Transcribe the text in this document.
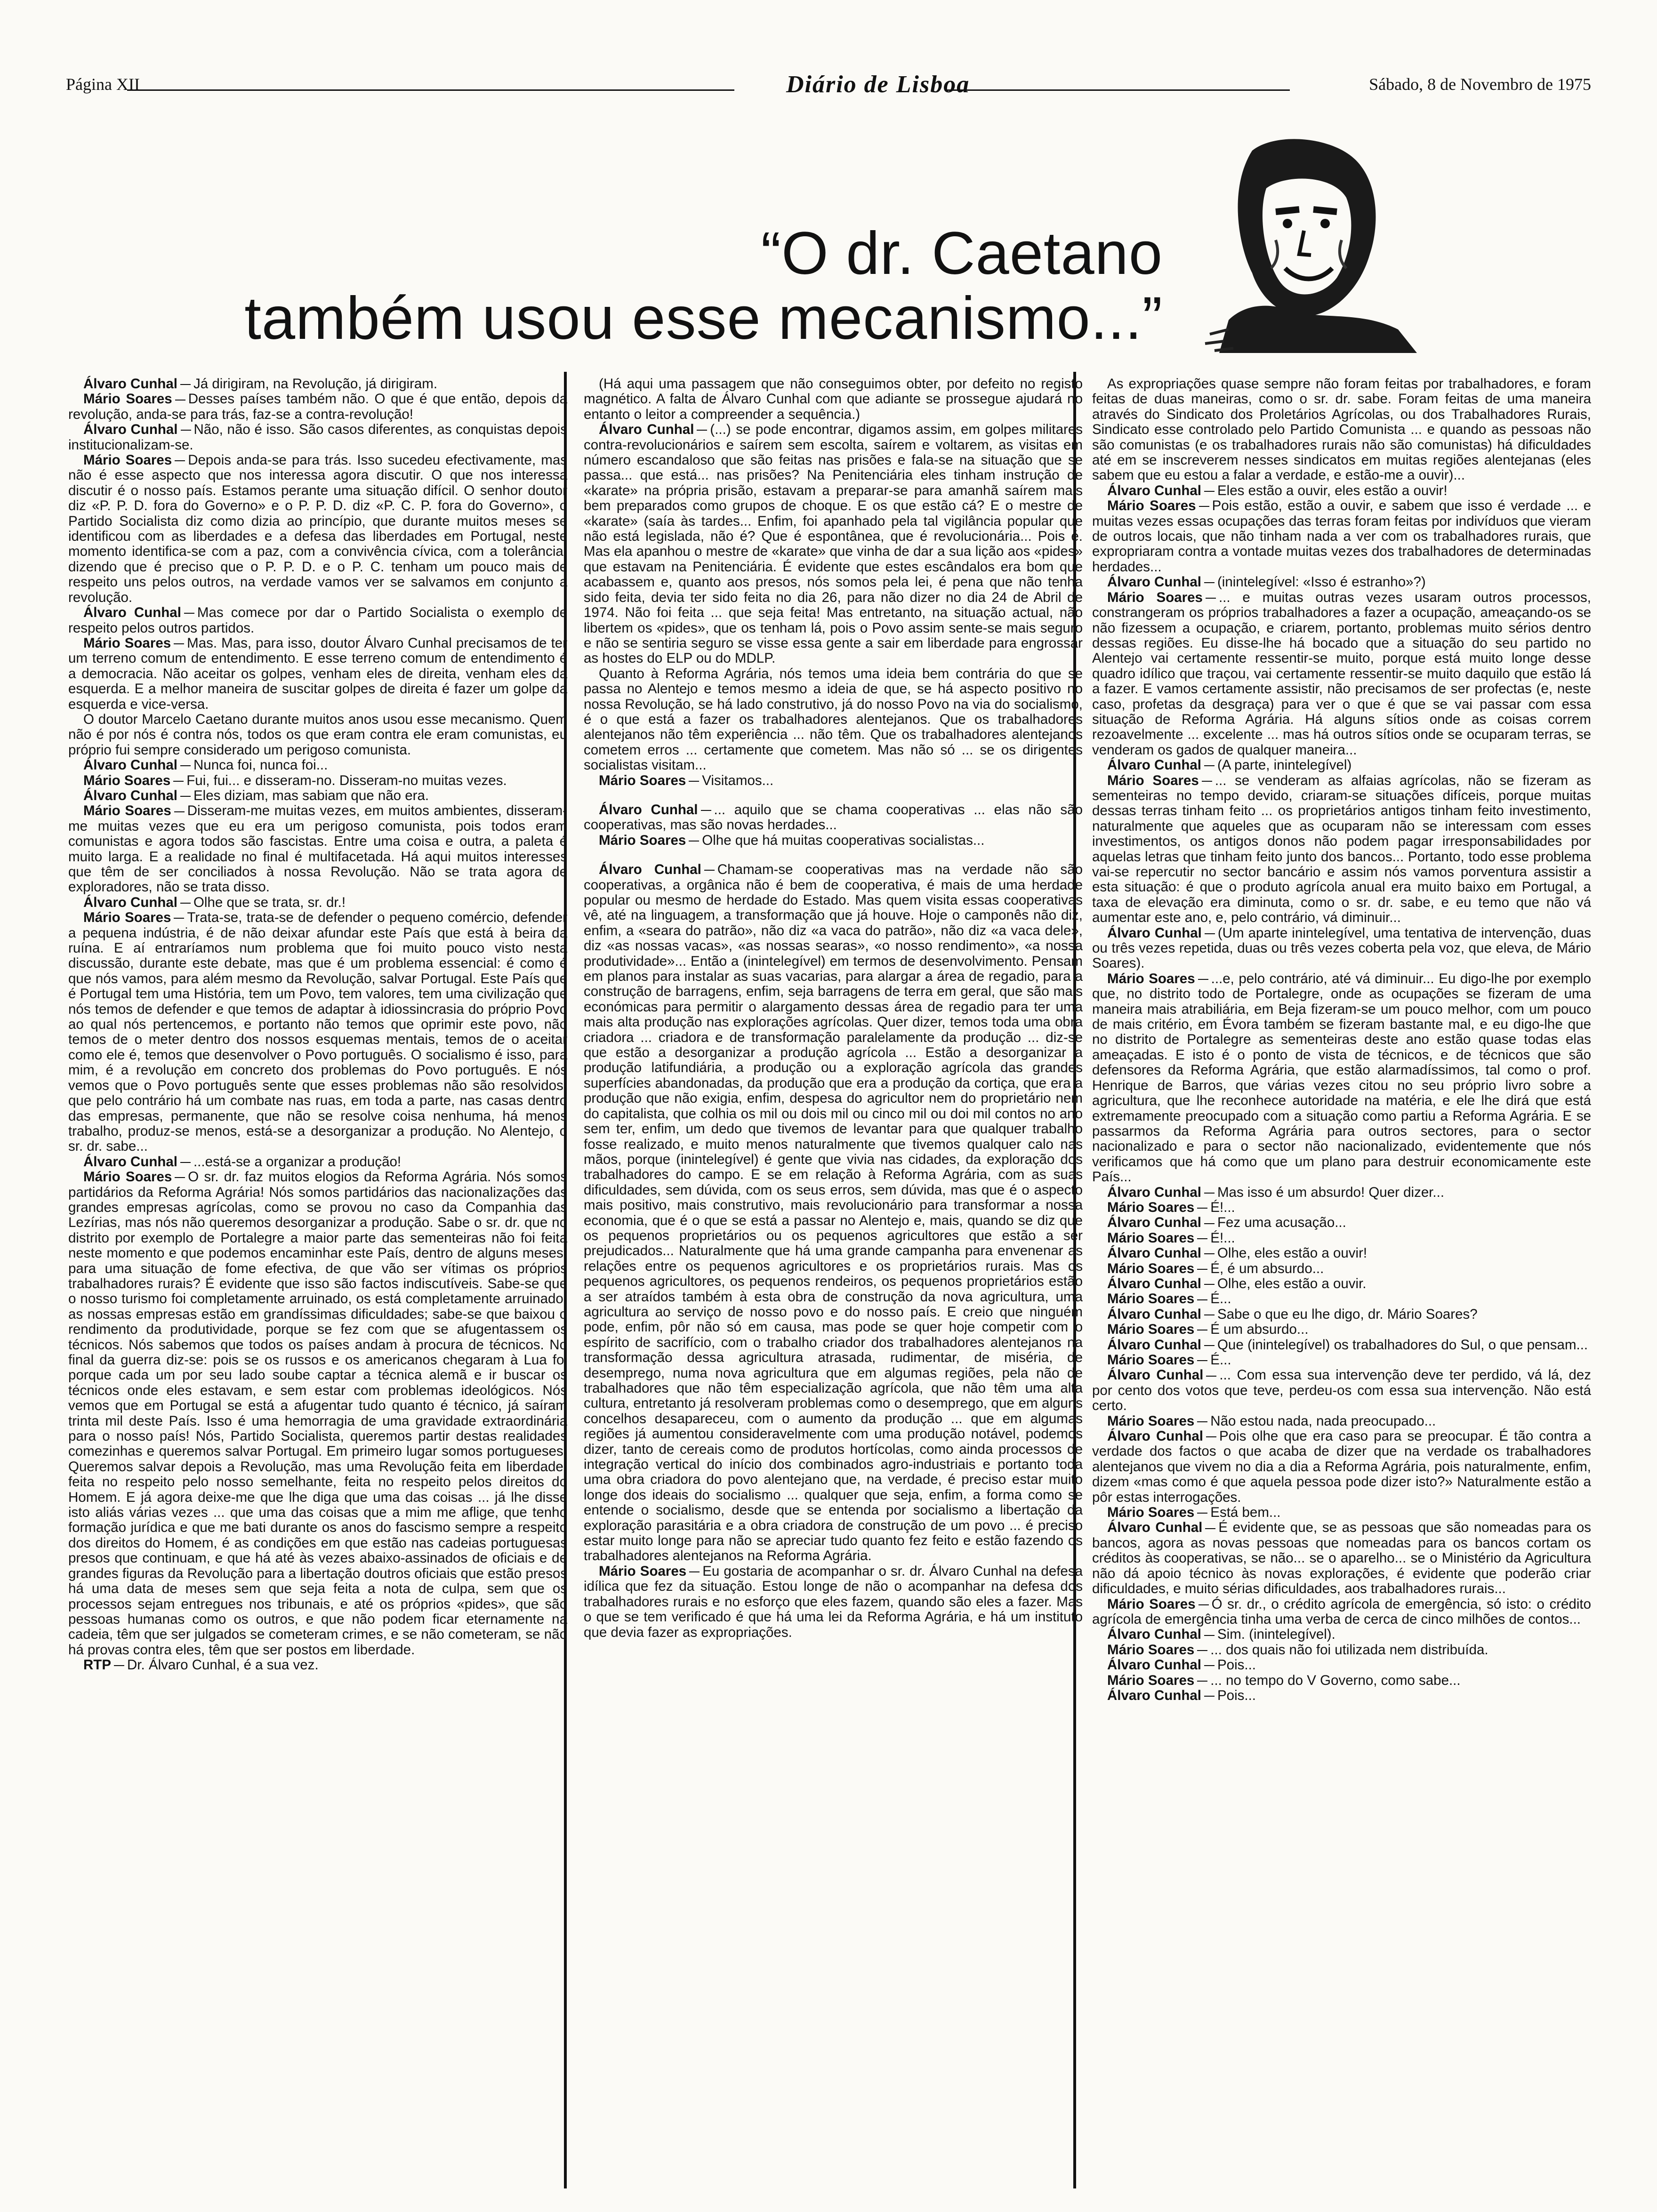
Página XII	Diário de Lisboa	Sábado, 8 de Novembro de 1975
“O dr. Caetano
também usou esse mecanismo...”

Álvaro Cunhal Já dirigiram, na Revolução, já dirigiram.

Mário Soares Desses países também não. O que é que então, depois da revolução, anda-se para trás, faz-se a contra-revolução!

Álvaro Cunhal Não, não é isso. São casos diferentes, as conquistas depois institucionalizam-se.

Mário Soares Depois anda-se para trás. Isso sucedeu efectivamente, mas não é esse aspecto que nos interessa agora discutir. O que nos interessa discutir é o nosso país. Estamos perante uma situação difícil. O senhor doutor diz «P. P. D. fora do Governo» e o P. P. D. diz «P. C. P. fora do Governo», o Partido Socialista diz como dizia ao princípio, que durante muitos meses se identificou com as liberdades e a defesa das liberdades em Portugal, neste momento identifica-se com a paz, com a convivência cívica, com a tolerância, dizendo que é preciso que o P. P. D. e o P. C. tenham um pouco mais de respeito uns pelos outros, na verdade vamos ver se salvamos em conjunto a revolução.

Álvaro Cunhal Mas comece por dar o Partido Socialista o exemplo de respeito pelos outros partidos.

Mário Soares Mas. Mas, para isso, doutor Álvaro Cunhal precisamos de ter um terreno comum de entendimento. E esse terreno comum de entendimento é a democracia. Não aceitar os golpes, venham eles de direita, venham eles da esquerda. E a melhor maneira de suscitar golpes de direita é fazer um golpe da esquerda e vice-versa.

O doutor Marcelo Caetano durante muitos anos usou esse mecanismo. Quem não é por nós é contra nós, todos os que eram contra ele eram comunistas, eu próprio fui sempre considerado um perigoso comunista.

Álvaro Cunhal Nunca foi, nunca foi...

Mário Soares Fui, fui... e disseram-no. Disseram-no muitas vezes.

Álvaro Cunhal Eles diziam, mas sabiam que não era.

Mário Soares Disseram-me muitas vezes, em muitos ambientes, disseram-me muitas vezes que eu era um perigoso comunista, pois todos eram comunistas e agora todos são fascistas. Entre uma coisa e outra, a paleta é muito larga. E a realidade no final é multifacetada. Há aqui muitos interesses que têm de ser conciliados à nossa Revolução. Não se trata agora de exploradores, não se trata disso.

Álvaro Cunhal Olhe que se trata, sr. dr.!

Mário Soares Trata-se, trata-se de defender o pequeno comércio, defender a pequena indústria, é de não deixar afundar este País que está à beira da ruína. E aí entraríamos num problema que foi muito pouco visto nesta discussão, durante este debate, mas que é um problema essencial: é como é que nós vamos, para além mesmo da Revolução, salvar Portugal. Este País que é Portugal tem uma História, tem um Povo, tem valores, tem uma civilização que nós temos de defender e que temos de adaptar à idiossincrasia do próprio Povo ao qual nós pertencemos, e portanto não temos que oprimir este povo, não temos de o meter dentro dos nossos esquemas mentais, temos de o aceitar como ele é, temos que desenvolver o Povo português. O socialismo é isso, para mim, é a revolução em concreto dos problemas do Povo português. E nós vemos que o Povo português sente que esses problemas não são resolvidos, que pelo contrário há um combate nas ruas, em toda a parte, nas casas dentro das empresas, permanente, que não se resolve coisa nenhuma, há menos trabalho, produz-se menos, está-se a desorganizar a produção. No Alentejo, o sr. dr. sabe...

Álvaro Cunhal ...está-se a organizar a produção!

Mário Soares O sr. dr. faz muitos elogios da Reforma Agrária. Nós somos partidários da Reforma Agrária! Nós somos partidários das nacionalizações das grandes empresas agrícolas, como se provou no caso da Companhia das Lezírias, mas nós não queremos desorganizar a produção. Sabe o sr. dr. que no distrito por exemplo de Portalegre a maior parte das sementeiras não foi feita neste momento e que podemos encaminhar este País, dentro de alguns meses, para uma situação de fome efectiva, de que vão ser vítimas os próprios trabalhadores rurais? É evidente que isso são factos indiscutíveis. Sabe-se que o nosso turismo foi completamente arruinado, os está completamente arruinado, as nossas empresas estão em grandíssimas dificuldades; sabe-se que baixou o rendimento da produtividade, porque se fez com que se afugentassem os técnicos. Nós sabemos que todos os países andam à procura de técnicos. No final da guerra diz-se: pois se os russos e os americanos chegaram à Lua foi porque cada um por seu lado soube captar a técnica alemã e ir buscar os técnicos onde eles estavam, e sem estar com problemas ideológicos. Nós vemos que em Portugal se está a afugentar tudo quanto é técnico, já saíram trinta mil deste País. Isso é uma hemorragia de uma gravidade extraordinária para o nosso país! Nós, Partido Socialista, queremos partir destas realidades comezinhas e queremos salvar Portugal. Em primeiro lugar somos portugueses. Queremos salvar depois a Revolução, mas uma Revolução feita em liberdade, feita no respeito pelo nosso semelhante, feita no respeito pelos direitos do Homem. E já agora deixe-me que lhe diga que uma das coisas ... já lhe disse isto aliás várias vezes ... que uma das coisas que a mim me aflige, que tenho formação jurídica e que me bati durante os anos do fascismo sempre a respeito dos direitos do Homem, é as condições em que estão nas cadeias portuguesas presos que continuam, e que há até às vezes abaixo-assinados de oficiais e de grandes figuras da Revolução para a libertação doutros oficiais que estão presos há uma data de meses sem que seja feita a nota de culpa, sem que os processos sejam entregues nos tribunais, e até os próprios «pides», que são pessoas humanas como os outros, e que não podem ficar eternamente na cadeia, têm que ser julgados se cometeram crimes, e se não cometeram, se não há provas contra eles, têm que ser postos em liberdade.

RTP Dr. Álvaro Cunhal, é a sua vez.

(Há aqui uma passagem que não conseguimos obter, por defeito no registo magnético. A falta de Álvaro Cunhal com que adiante se prossegue ajudará no entanto o leitor a compreender a sequência.)

Álvaro Cunhal (...) se pode encontrar, digamos assim, em golpes militares contra-revolucionários e saírem sem escolta, saírem e voltarem, as visitas em número escandaloso que são feitas nas prisões e fala-se na situação que se passa... que está... nas prisões? Na Penitenciária eles tinham instrução de «karate» na própria prisão, estavam a preparar-se para amanhã saírem mais bem preparados como grupos de choque. E os que estão cá? E o mestre de «karate» (saía às tardes... Enfim, foi apanhado pela tal vigilância popular que não está legislada, não é? Que é espontânea, que é revolucionária... Pois é. Mas ela apanhou o mestre de «karate» que vinha de dar a sua lição aos «pides» que estavam na Penitenciária. É evidente que estes escândalos era bom que acabassem e, quanto aos presos, nós somos pela lei, é pena que não tenha sido feita, devia ter sido feita no dia 26, para não dizer no dia 24 de Abril de 1974. Não foi feita ... que seja feita! Mas entretanto, na situação actual, não libertem os «pides», que os tenham lá, pois o Povo assim sente-se mais seguro e não se sentiria seguro se visse essa gente a sair em liberdade para engrossar as hostes do ELP ou do MDLP.

Quanto à Reforma Agrária, nós temos uma ideia bem contrária do que se passa no Alentejo e temos mesmo a ideia de que, se há aspecto positivo no nossa Revolução, se há lado construtivo, já do nosso Povo na via do socialismo, é o que está a fazer os trabalhadores alentejanos. Que os trabalhadores alentejanos não têm experiência ... não têm. Que os trabalhadores alentejanos cometem erros ... certamente que cometem. Mas não só ... se os dirigentes socialistas visitam...

Mário Soares Visitamos...

Álvaro Cunhal ... aquilo que se chama cooperativas ... elas não são cooperativas, mas são novas herdades...

Mário Soares Olhe que há muitas cooperativas socialistas...

Álvaro Cunhal Chamam-se cooperativas mas na verdade não são cooperativas, a orgânica não é bem de cooperativa, é mais de uma herdade popular ou mesmo de herdade do Estado. Mas quem visita essas cooperativas vê, até na linguagem, a transformação que já houve. Hoje o camponês não diz, enfim, a «seara do patrão», não diz «a vaca do patrão», não diz «a vaca dele», diz «as nossas vacas», «as nossas searas», «o nosso rendimento», «a nossa produtividade»... Então a (inintelegível) em termos de desenvolvimento. Pensam em planos para instalar as suas vacarias, para alargar a área de regadio, para a construção de barragens, enfim, seja barragens de terra em geral, que são mais económicas para permitir o alargamento dessas área de regadio para ter uma mais alta produção nas explorações agrícolas. Quer dizer, temos toda uma obra criadora ... criadora e de transformação paralelamente da produção ... diz-se que estão a desorganizar a produção agrícola ... Estão a desorganizar a produção latifundiária, a produção ou a exploração agrícola das grandes superfícies abandonadas, da produção que era a produção da cortiça, que era a produção que não exigia, enfim, despesa do agricultor nem do proprietário nem do capitalista, que colhia os mil ou dois mil ou cinco mil ou doi mil contos no ano sem ter, enfim, um dedo que tivemos de levantar para que qualquer trabalho fosse realizado, e muito menos naturalmente que tivemos qualquer calo nas mãos, porque (inintelegível) é gente que vivia nas cidades, da exploração dos trabalhadores do campo. E se em relação à Reforma Agrária, com as suas dificuldades, sem dúvida, com os seus erros, sem dúvida, mas que é o aspecto mais positivo, mais construtivo, mais revolucionário para transformar a nossa economia, que é o que se está a passar no Alentejo e, mais, quando se diz que os pequenos proprietários ou os pequenos agricultores que estão a ser prejudicados... Naturalmente que há uma grande campanha para envenenar as relações entre os pequenos agricultores e os proprietários rurais. Mas os pequenos agricultores, os pequenos rendeiros, os pequenos proprietários estão a ser atraídos também à esta obra de construção da nova agricultura, uma agricultura ao serviço de nosso povo e do nosso país. E creio que ninguém pode, enfim, pôr não só em causa, mas pode se quer hoje competir com o espírito de sacrifício, com o trabalho criador dos trabalhadores alentejanos na transformação dessa agricultura atrasada, rudimentar, de miséria, de desemprego, numa nova agricultura que em algumas regiões, pela não de trabalhadores que não têm especialização agrícola, que não têm uma alta cultura, entretanto já resolveram problemas como o desemprego, que em alguns concelhos desapareceu, com o aumento da produção ... que em algumas regiões já aumentou consideravelmente com uma produção notável, podemos dizer, tanto de cereais como de produtos hortícolas, como ainda processos de integração vertical do início dos combinados agro-industriais e portanto toda uma obra criadora do povo alentejano que, na verdade, é preciso estar muito longe dos ideais do socialismo ... qualquer que seja, enfim, a forma como se entende o socialismo, desde que se entenda por socialismo a libertação da exploração parasitária e a obra criadora de construção de um povo ... é preciso estar muito longe para não se apreciar tudo quanto fez feito e estão fazendo os trabalhadores alentejanos na Reforma Agrária.

Mário Soares Eu gostaria de acompanhar o sr. dr. Álvaro Cunhal na defesa idílica que fez da situação. Estou longe de não o acompanhar na defesa dos trabalhadores rurais e no esforço que eles fazem, quando são eles a fazer. Mas o que se tem verificado é que há uma lei da Reforma Agrária, e há um instituto que devia fazer as expropriações.

As expropriações quase sempre não foram feitas por trabalhadores, e foram feitas de duas maneiras, como o sr. dr. sabe. Foram feitas de uma maneira através do Sindicato dos Proletários Agrícolas, ou dos Trabalhadores Rurais, Sindicato esse controlado pelo Partido Comunista ... e quando as pessoas não são comunistas (e os trabalhadores rurais não são comunistas) há dificuldades até em se inscreverem nesses sindicatos em muitas regiões alentejanas (eles sabem que eu estou a falar a verdade, e estão-me a ouvir)...

Álvaro Cunhal Eles estão a ouvir, eles estão a ouvir!

Mário Soares Pois estão, estão a ouvir, e sabem que isso é verdade ... e muitas vezes essas ocupações das terras foram feitas por indivíduos que vieram de outros locais, que não tinham nada a ver com os trabalhadores rurais, que expropriaram contra a vontade muitas vezes dos trabalhadores de determinadas herdades...

Álvaro Cunhal (inintelegível: «Isso é estranho»?)

Mário Soares ... e muitas outras vezes usaram outros processos, constrangeram os próprios trabalhadores a fazer a ocupação, ameaçando-os se não fizessem a ocupação, e criarem, portanto, problemas muito sérios dentro dessas regiões. Eu disse-lhe há bocado que a situação do seu partido no Alentejo vai certamente ressentir-se muito, porque está muito longe desse quadro idílico que traçou, vai certamente ressentir-se muito daquilo que estão lá a fazer. E vamos certamente assistir, não precisamos de ser profectas (e, neste caso, profetas da desgraça) para ver o que é que se vai passar com essa situação de Reforma Agrária. Há alguns sítios onde as coisas correm rezoavelmente ... excelente ... mas há outros sítios onde se ocuparam terras, se venderam os gados de qualquer maneira...

Álvaro Cunhal (A parte, inintelegível)

Mário Soares ... se venderam as alfaias agrícolas, não se fizeram as sementeiras no tempo devido, criaram-se situações difíceis, porque muitas dessas terras tinham feito ... os proprietários antigos tinham feito investimento, naturalmente que aqueles que as ocuparam não se interessam com esses investimentos, os antigos donos não podem pagar irresponsabilidades por aquelas letras que tinham feito junto dos bancos... Portanto, todo esse problema vai-se repercutir no sector bancário e assim nós vamos porventura assistir a esta situação: é que o produto agrícola anual era muito baixo em Portugal, a taxa de elevação era diminuta, como o sr. dr. sabe, e eu temo que não vá aumentar este ano, e, pelo contrário, vá diminuir...

Álvaro Cunhal (Um aparte inintelegível, uma tentativa de intervenção, duas ou três vezes repetida, duas ou três vezes coberta pela voz, que eleva, de Mário Soares).

Mário Soares ...e, pelo contrário, até vá diminuir... Eu digo-lhe por exemplo que, no distrito todo de Portalegre, onde as ocupações se fizeram de uma maneira mais atrabiliária, em Beja fizeram-se um pouco melhor, com um pouco de mais critério, em Évora também se fizeram bastante mal, e eu digo-lhe que no distrito de Portalegre as sementeiras deste ano estão quase todas elas ameaçadas. E isto é o ponto de vista de técnicos, e de técnicos que são defensores da Reforma Agrária, que estão alarmadíssimos, tal como o prof. Henrique de Barros, que várias vezes citou no seu próprio livro sobre a agricultura, que lhe reconhece autoridade na matéria, e ele lhe dirá que está extremamente preocupado com a situação como partiu a Reforma Agrária. E se passarmos da Reforma Agrária para outros sectores, para o sector nacionalizado e para o sector não nacionalizado, evidentemente que nós verificamos que há como que um plano para destruir economicamente este País...

Álvaro Cunhal Mas isso é um absurdo! Quer dizer...

Mário Soares É!...

Álvaro Cunhal Fez uma acusação...

Mário Soares É!...

Álvaro Cunhal Olhe, eles estão a ouvir!

Mário Soares É, é um absurdo...

Álvaro Cunhal Olhe, eles estão a ouvir.

Mário Soares É...

Álvaro Cunhal Sabe o que eu lhe digo, dr. Mário Soares?

Mário Soares É um absurdo...

Álvaro Cunhal Que (inintelegível) os trabalhadores do Sul, o que pensam...

Mário Soares É...

Álvaro Cunhal ... Com essa sua intervenção deve ter perdido, vá lá, dez por cento dos votos que teve, perdeu-os com essa sua intervenção. Não está certo.

Mário Soares Não estou nada, nada preocupado...

Álvaro Cunhal Pois olhe que era caso para se preocupar. É tão contra a verdade dos factos o que acaba de dizer que na verdade os trabalhadores alentejanos que vivem no dia a dia a Reforma Agrária, pois naturalmente, enfim, dizem «mas como é que aquela pessoa pode dizer isto?» Naturalmente estão a pôr estas interrogações.

Mário Soares Está bem...

Álvaro Cunhal É evidente que, se as pessoas que são nomeadas para os bancos, agora as novas pessoas que nomeadas para os bancos cortam os créditos às cooperativas, se não... se o aparelho... se o Ministério da Agricultura não dá apoio técnico às novas explorações, é evidente que poderão criar dificuldades, e muito sérias dificuldades, aos trabalhadores rurais...

Mário Soares Ó sr. dr., o crédito agrícola de emergência, só isto: o crédito agrícola de emergência tinha uma verba de cerca de cinco milhões de contos...

Álvaro Cunhal Sim. (inintelegível).

Mário Soares ... dos quais não foi utilizada nem distribuída.

Álvaro Cunhal Pois...

Mário Soares ... no tempo do V Governo, como sabe...

Álvaro Cunhal Pois...
